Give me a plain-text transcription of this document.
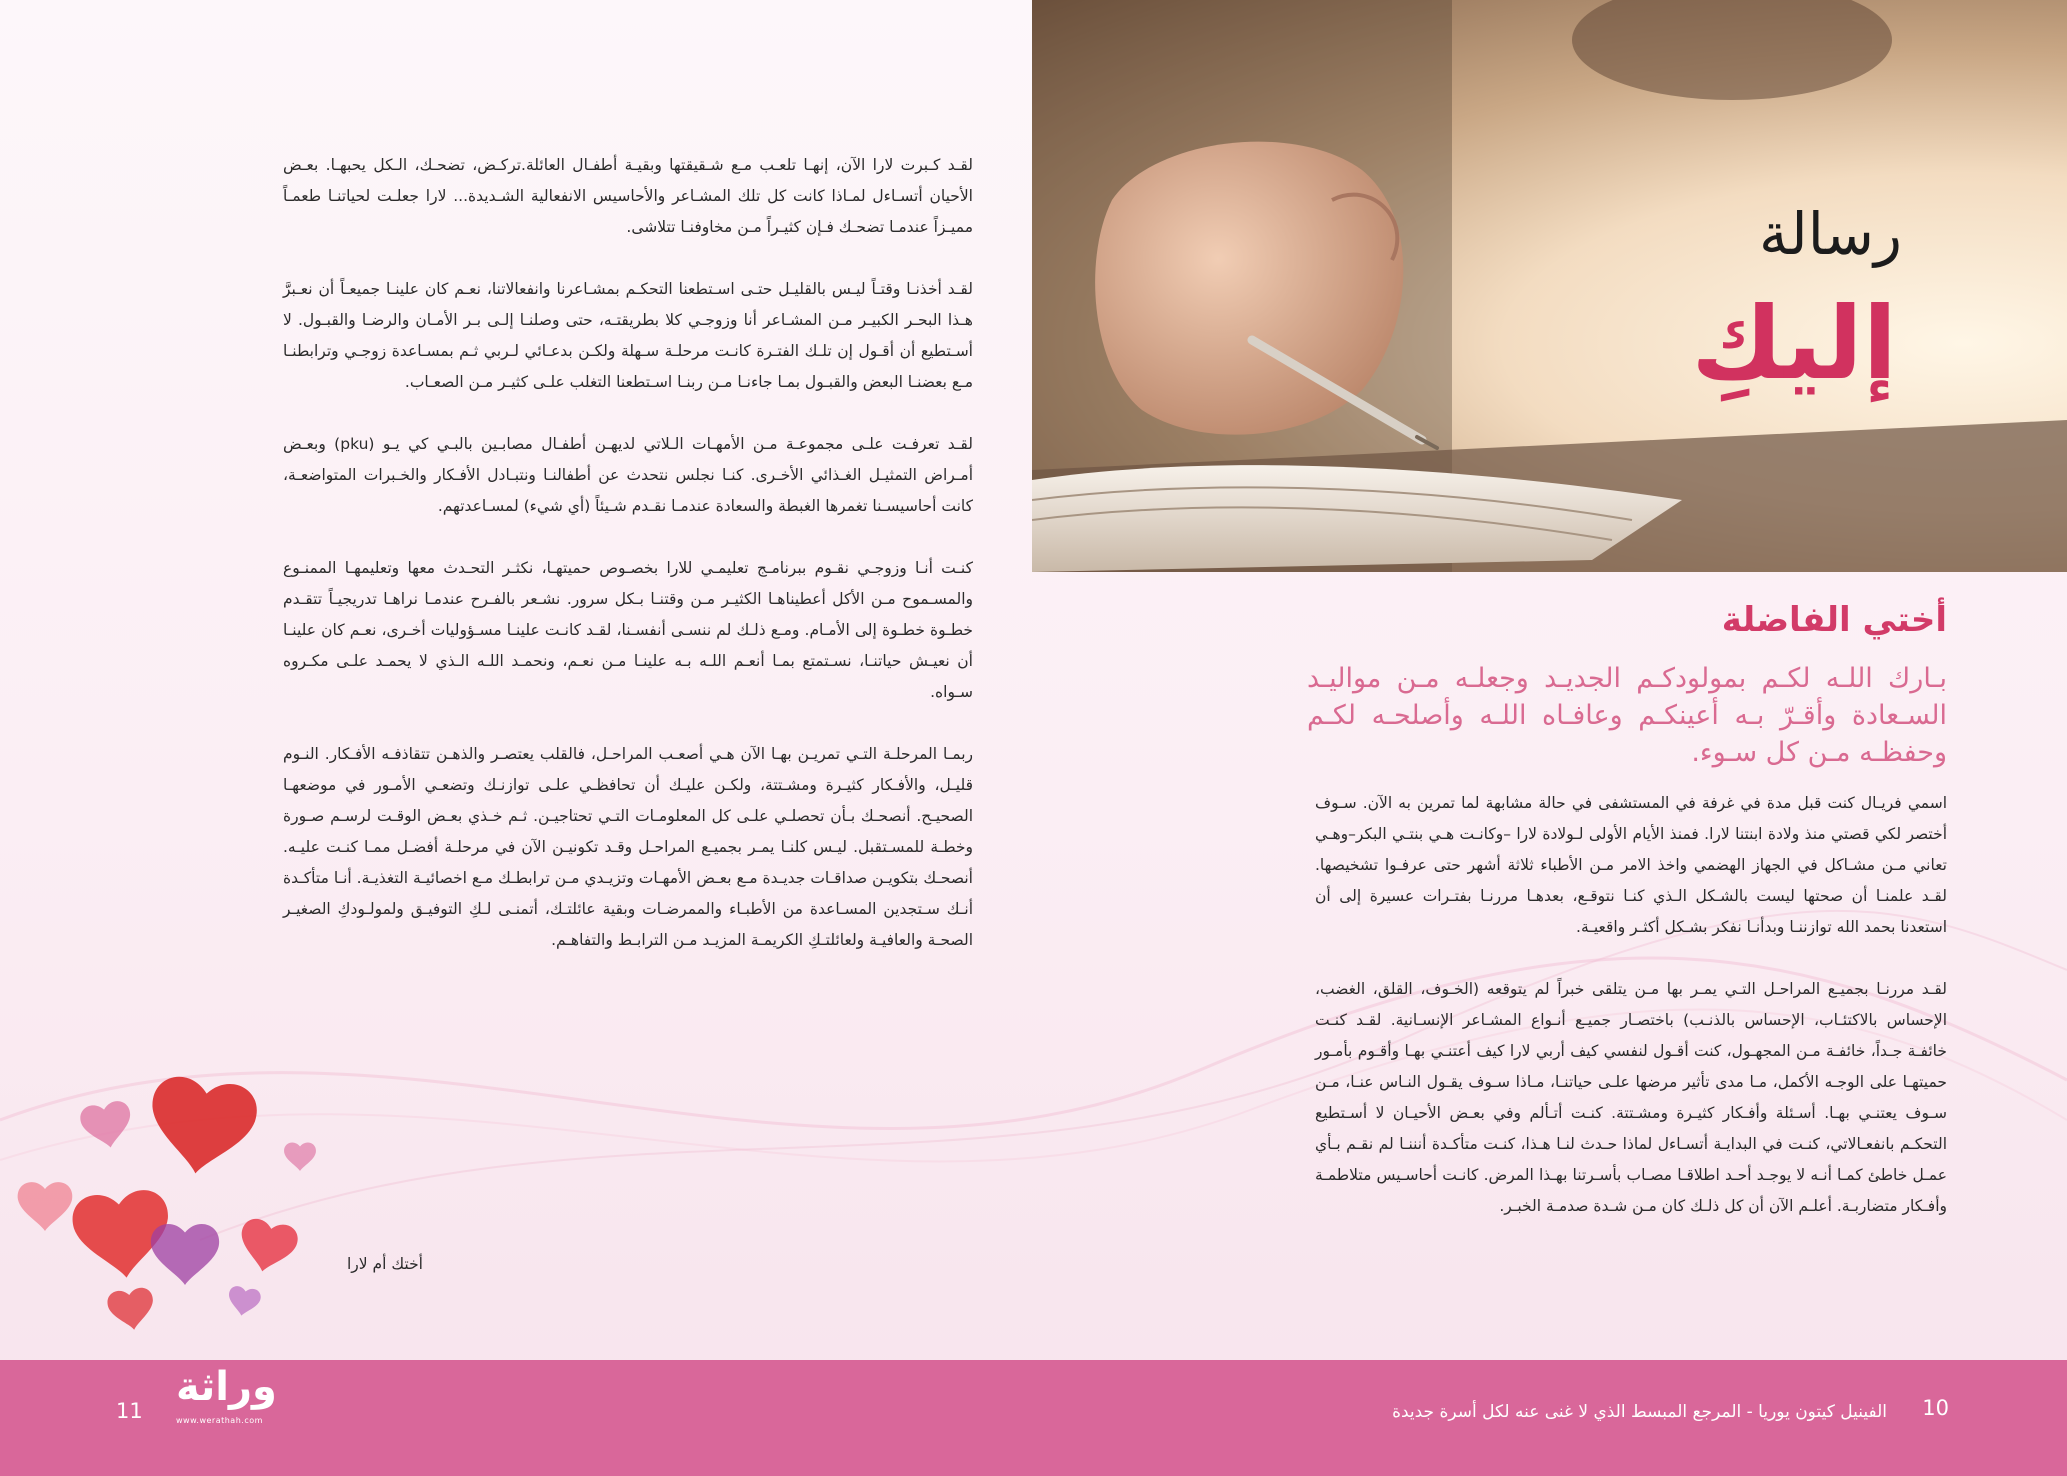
رسالة
إليكِ
أختي الفاضلة
بـارك اللـه لكـم بمولودكـم الجديـد وجعلـه مـن مواليـد السـعادة وأقـرّ بـه أعينكـم وعافـاه اللـه وأصلحـه لكـم وحفظـه مـن كل سـوء.

اسمي فريـال كنت قبل مدة في غرفة في المستشفى في حالة مشابهة لما تمرين به الآن. سـوف أختصر لكي قصتي منذ ولادة ابنتنا لارا. فمنذ الأيام الأولى لـولادة لارا –وكانـت هـي بنتـي البكر–وهـي تعاني مـن مشـاكل في الجهاز الهضمي واخذ الامر مـن الأطباء ثلاثة أشهر حتى عرفـوا تشخيصها. لقـد علمنـا أن صحتها ليست بالشـكل الـذي كنـا نتوقـع، بعدهـا مررنـا بفتـرات عسيرة إلى أن استعدنا بحمد الله توازننـا وبدأنـا نفكر بشـكل أكثـر واقعيـة.

لقـد مررنـا بجميـع المراحـل التـي يمـر بها مـن يتلقى خبراً لم يتوقعه (الخـوف، القلق، الغضب، الإحساس بالاكتئـاب، الإحساس بالذنـب) باختصـار جميـع أنـواع المشـاعر الإنسـانية. لقـد كنـت خائفـة جـداً، خائفـة مـن المجهـول، كنت أقـول لنفسي كيف أربي لارا كيف أعتنـي بهـا وأقـوم بأمـور حميتهـا على الوجـه الأكمل، مـا مدى تأثير مرضها علـى حياتنـا، مـاذا سـوف يقـول النـاس عنـا، مـن سـوف يعتنـي بهـا. أسـئلة وأفـكار كثيـرة ومشـتتة. كنـت أتـألم وفي بعـض الأحيـان لا أسـتطيع التحكـم بانفعـالاتي، كنـت في البدايـة أتسـاءل لماذا حـدث لنـا هـذا، كنـت متأكـدة أنننـا لم نقـم بـأي عمـل خاطئ كمـا أنـه لا يوجـد أحـد اطلاقـا مصـاب بأسـرتنا بهـذا المرض. كانـت أحاسـيس متلاطمـة وأفـكار متضاربـة. أعلـم الآن أن كل ذلـك كان مـن شـدة صدمـة الخبـر.

لقـد كـبرت لارا الآن، إنهـا تلعـب مـع شـقيقتها وبقيـة أطفـال العائلة.تركـض، تضحـك، الـكل يحبهـا. بعـض الأحيان أتسـاءل لمـاذا كانت كل تلك المشـاعر والأحاسيس الانفعالية الشـديدة... لارا جعلـت لحياتنـا طعمـاً مميـزاً عندمـا تضحـك فـإن كثيـراً مـن مخاوفنـا تتلاشى.

لقـد أخذنـا وقتـاً ليـس بالقليـل حتـى اسـتطعنا التحكـم بمشـاعرنا وانفعالاتنا، نعـم كان علينـا جميعـاً أن نعـبرَّ هـذا البحـر الكبيـر مـن المشـاعر أنا وزوجـي كلا بطريقتـه، حتى وصلنـا إلـى بـر الأمـان والرضـا والقبـول. لا أسـتطيع أن أقـول إن تلـك الفتـرة كانـت مرحلـة سـهلة ولكـن بدعـائي لـربي ثـم بمسـاعدة زوجـي وترابطنـا مـع بعضنـا البعض والقبـول بمـا جاءنـا مـن ربنـا اسـتطعنا التغلب علـى كثيـر مـن الصعـاب.

لقـد تعرفـت علـى مجموعـة مـن الأمهـات الـلاتي لديهـن أطفـال مصابـين بالبـي كي يـو (pku) وبعـض أمـراض التمثيـل الغـذائي الأخـرى. كنـا نجلس نتحدث عن أطفالنـا ونتبـادل الأفـكار والخـبرات المتواضعـة، كانت أحاسيسـنا تغمرها الغبطة والسعادة عندمـا نقـدم شـيئاً (أي شيء) لمسـاعدتهم.

كنـت أنـا وزوجـي نقـوم ببرنامـج تعليمـي للارا بخصـوص حميتهـا، نكثـر التحـدث معها وتعليمهـا الممنـوع والمسـموح مـن الأكل أعطيناهـا الكثيـر مـن وقتنـا بـكل سرور. نشـعر بالفـرح عندمـا نراهـا تدريجيـاً تتقـدم خطـوة خطـوة إلى الأمـام. ومـع ذلـك لم ننسـى أنفسـنا، لقـد كانـت علينـا مسـؤوليات أخـرى، نعـم كان علينـا أن نعيـش حياتنـا، نسـتمتع بمـا أنعـم اللـه بـه علينـا مـن نعـم، ونحمـد اللـه الـذي لا يحمـد علـى مكـروه سـواه.

ربمـا المرحلـة التـي تمريـن بهـا الآن هـي أصعـب المراحـل، فالقلب يعتصـر والذهـن تتقاذفـه الأفـكار. النـوم قليـل، والأفـكار كثيـرة ومشـتتة، ولكـن عليـك أن تحافظـي علـى توازنـك وتضعـي الأمـور في موضعهـا الصحيـح. أنصحـك بـأن تحصلـي علـى كل المعلومـات التـي تحتاجيـن. ثـم خـذي بعـض الوقـت لرسـم صـورة وخطـة للمسـتقبل. ليـس كلنـا يمـر بجميـع المراحـل وقـد تكونيـن الآن في مرحلـة أفضـل ممـا كنـت عليـه. أنصحـك بتكويـن صداقـات جديـدة مـع بعـض الأمهـات وتزيـدي مـن ترابطـك مـع اخصائيـة التغذيـة. أنـا متأكـدة أنـك سـتجدين المسـاعدة من الأطبـاء والممرضـات وبقية عائلتـك، أتمنـى لـكِ التوفيـق ولمولـودكِ الصغيـر الصحـة والعافيـة ولعائلتـكِ الكريمـة المزيـد مـن الترابـط والتفاهـم.

أختك أم لارا
11
وراثة
www.werathah.com	الفينيل كيتون يوريا - المرجع المبسط الذي لا غنى عنه لكل أسرة جديدة 10
